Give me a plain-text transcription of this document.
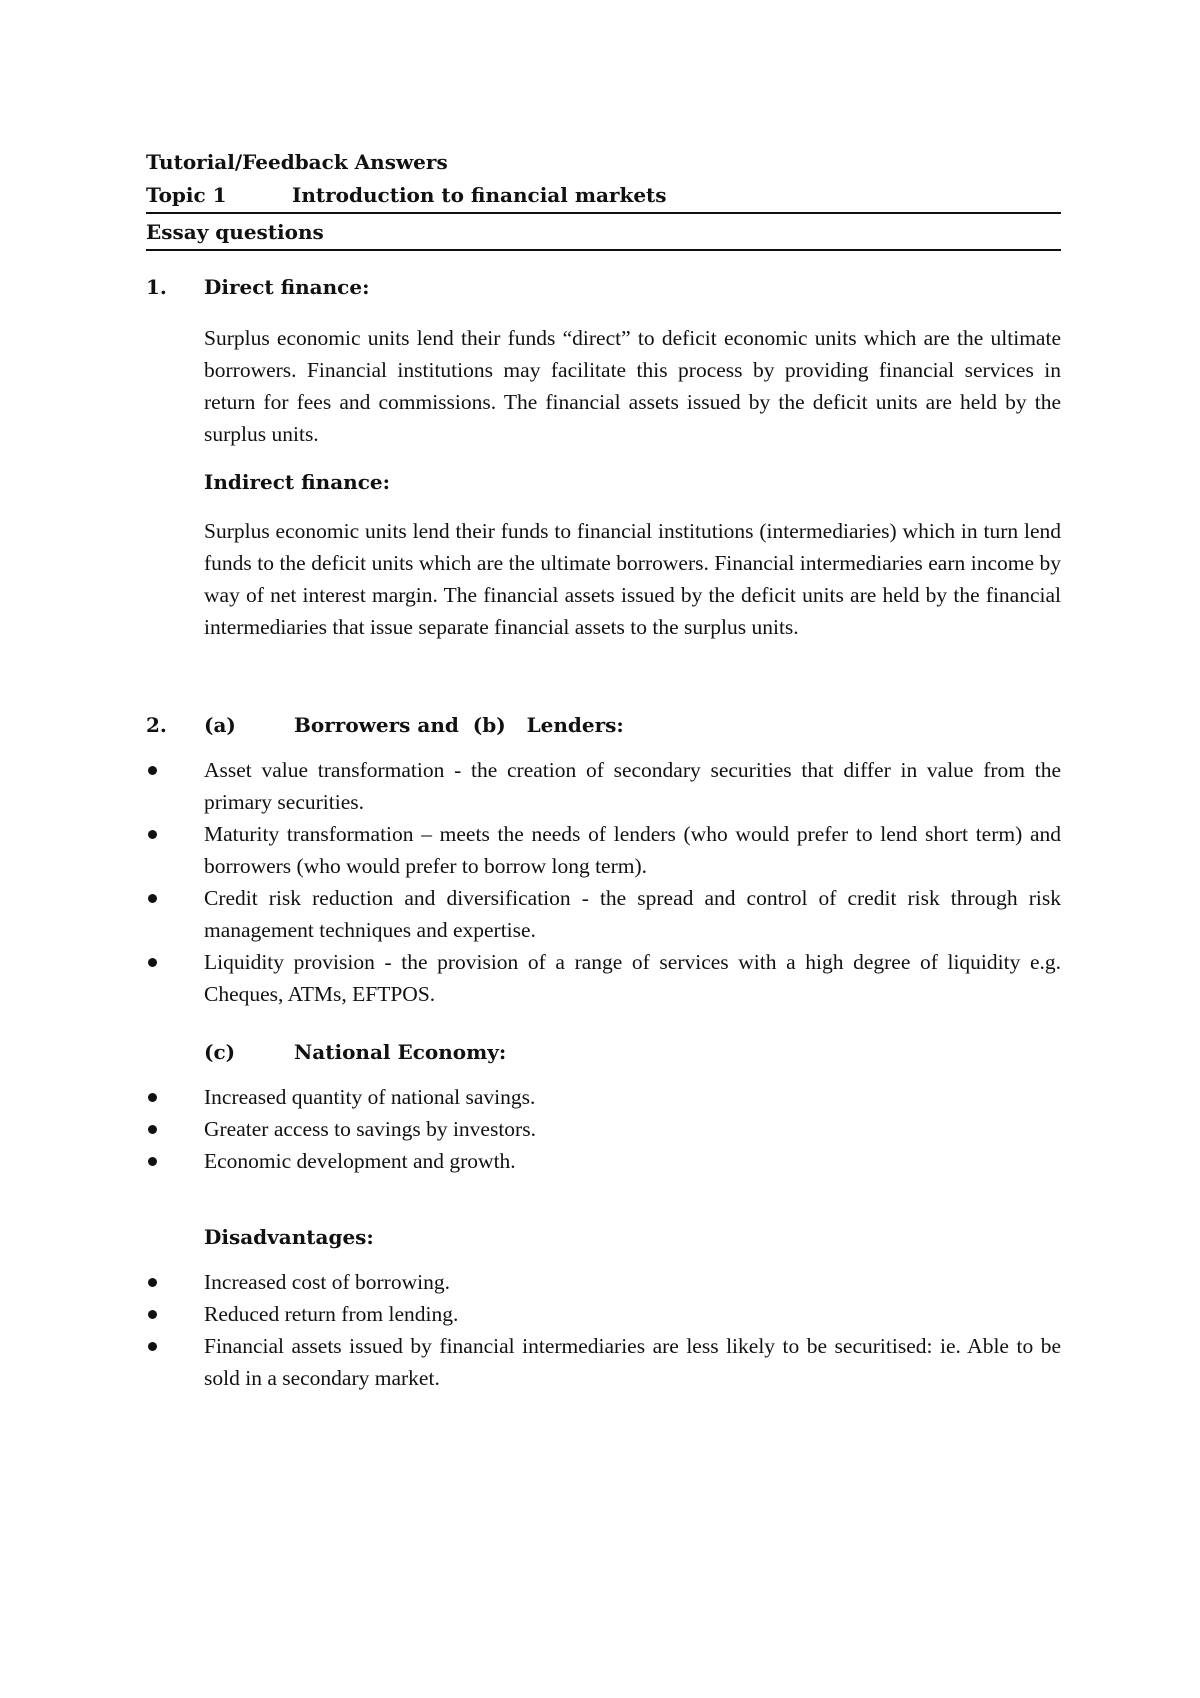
Tutorial/Feedback Answers
Topic 1	Introduction to financial markets
Essay questions
1. Direct finance:
Surplus economic units lend their funds “direct” to deficit economic units which are the ultimate borrowers. Financial institutions may facilitate this process by providing financial services in return for fees and commissions. The financial assets issued by the deficit units are held by the surplus units.
Indirect finance:
Surplus economic units lend their funds to financial institutions (intermediaries) which in turn lend funds to the deficit units which are the ultimate borrowers. Financial intermediaries earn income by way of net interest margin. The financial assets issued by the deficit units are held by the financial intermediaries that issue separate financial assets to the surplus units.
2. (a)	Borrowers and  (b)   Lenders:
Asset value transformation - the creation of secondary securities that differ in value from the primary securities.
Maturity transformation – meets the needs of lenders (who would prefer to lend short term) and borrowers (who would prefer to borrow long term).
Credit risk reduction and diversification - the spread and control of credit risk through risk management techniques and expertise.
Liquidity provision - the provision of a range of services with a high degree of liquidity e.g. Cheques, ATMs, EFTPOS.
(c)	National Economy:
Increased quantity of national savings.
Greater access to savings by investors.
Economic development and growth.
Disadvantages:
Increased cost of borrowing.
Reduced return from lending.
Financial assets issued by financial intermediaries are less likely to be securitised: ie. Able to be sold in a secondary market.
